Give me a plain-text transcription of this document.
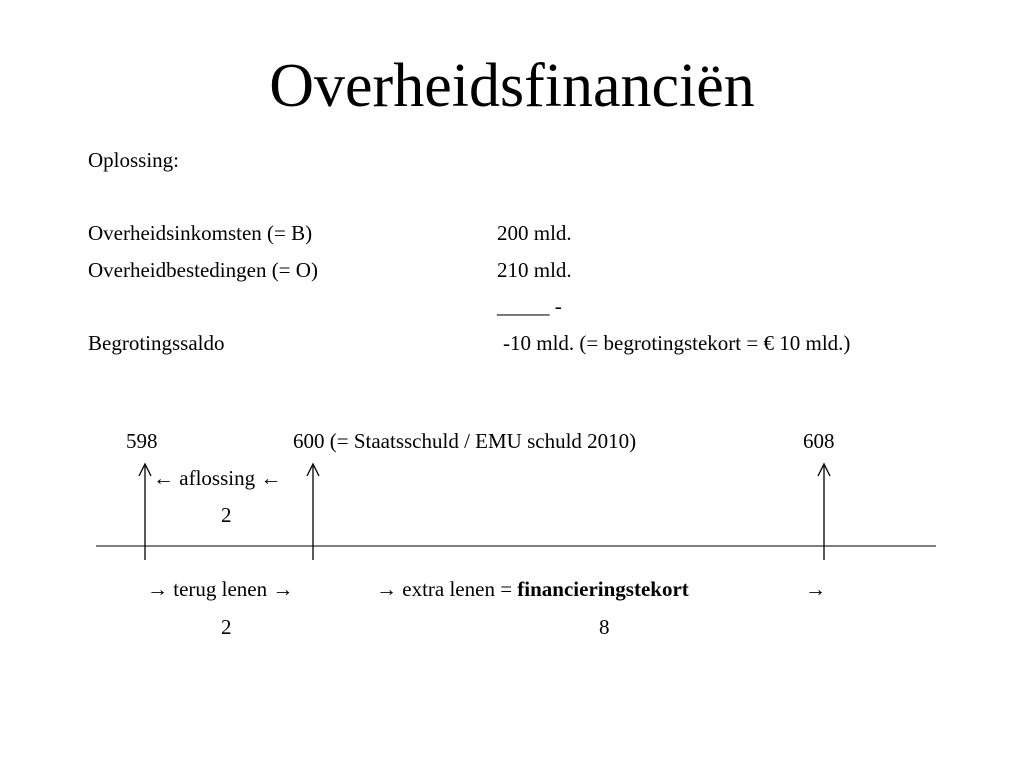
Overheidsfinanciën
Oplossing:
Overheidsinkomsten (= B)	200 mld.
Overheidbestedingen (= O)	210 mld.
_____ -
Begrotingssaldo	-10 mld. (= begrotingstekort = € 10 mld.)
598	600 (= Staatsschuld / EMU schuld 2010)	608
← aflossing ←
2
→ terug lenen →	→ extra lenen = financieringstekort	→
2	8
